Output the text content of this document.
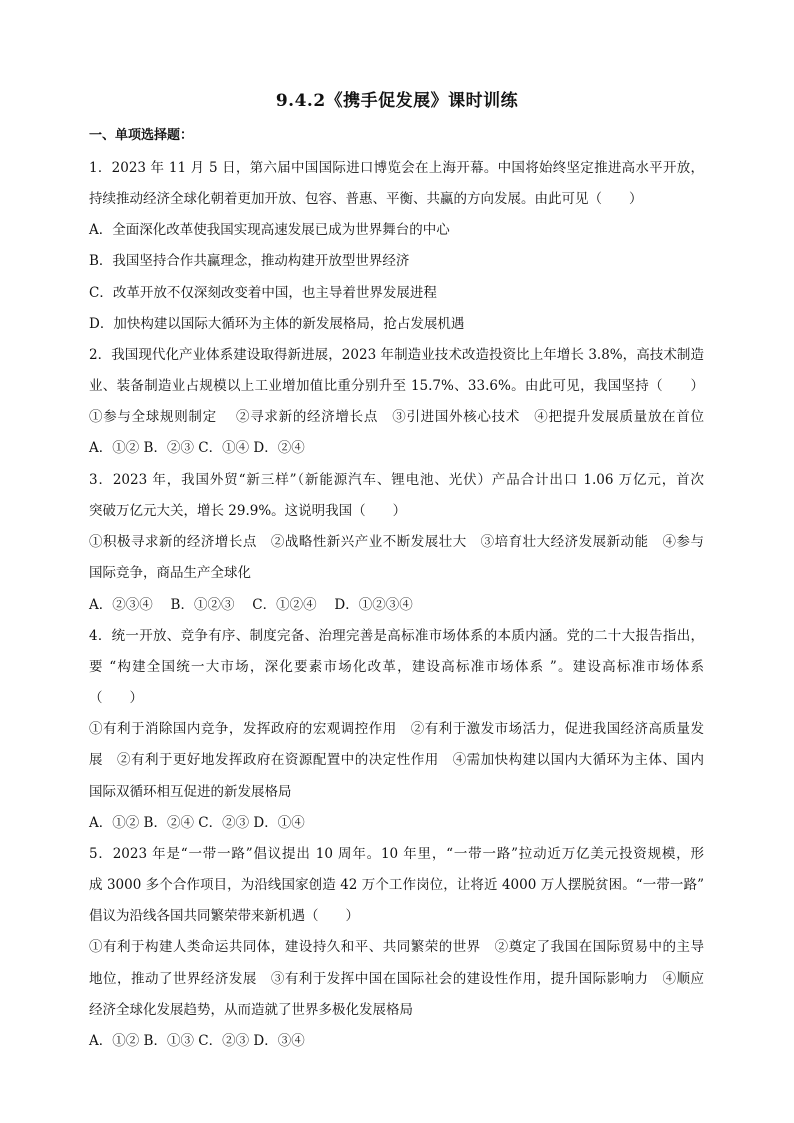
9.4.2《携手促发展》课时训练
一、单项选择题：
1．2023 年 11 月 5 日，第六届中国国际进口博览会在上海开幕。中国将始终坚定推进高水平开放，
持续推动经济全球化朝着更加开放、包容、普惠、平衡、共赢的方向发展。由此可见（　　）
A．全面深化改革使我国实现高速发展已成为世界舞台的中心
B．我国坚持合作共赢理念，推动构建开放型世界经济
C．改革开放不仅深刻改变着中国，也主导着世界发展进程
D．加快构建以国际大循环为主体的新发展格局，抢占发展机遇
2．我国现代化产业体系建设取得新进展，2023 年制造业技术改造投资比上年增长 3.8%，高技术制造
业、装备制造业占规模以上工业增加值比重分别升至 15.7%、33.6%。由此可见，我国坚持（　　）
①参与全球规则制定　 ②寻求新的经济增长点　③引进国外核心技术　④把提升发展质量放在首位
A．①② B．②③ C．①④ D．②④
3．2023 年，我国外贸“新三样”（新能源汽车、锂电池、光伏）产品合计出口 1.06 万亿元，首次
突破万亿元大关，增长 29.9%。这说明我国（　　）
①积极寻求新的经济增长点　②战略性新兴产业不断发展壮大　③培育壮大经济发展新动能　④参与
国际竞争，商品生产全球化
A．②③④　 B．①②③　 C．①②④　 D．①②③④
4．统一开放、竞争有序、制度完备、治理完善是高标准市场体系的本质内涵。党的二十大报告指出，
要 “构建全国统一大市场，深化要素市场化改革，建设高标准市场体系 ”。建设高标准市场体系
（　　）
①有利于消除国内竞争，发挥政府的宏观调控作用　②有利于激发市场活力，促进我国经济高质量发
展　②有利于更好地发挥政府在资源配置中的决定性作用　④需加快构建以国内大循环为主体、国内
国际双循环相互促进的新发展格局
A．①② B．②④ C．②③ D．①④
5．2023 年是“一带一路”倡议提出 10 周年。10 年里，“一带一路”拉动近万亿美元投资规模，形
成 3000 多个合作项目，为沿线国家创造 42 万个工作岗位，让将近 4000 万人摆脱贫困。“一带一路”
倡议为沿线各国共同繁荣带来新机遇（　　）
①有利于构建人类命运共同体，建设持久和平、共同繁荣的世界　②奠定了我国在国际贸易中的主导
地位，推动了世界经济发展　③有利于发挥中国在国际社会的建设性作用，提升国际影响力　④顺应
经济全球化发展趋势，从而造就了世界多极化发展格局
A．①② B．①③ C．②③ D．③④
